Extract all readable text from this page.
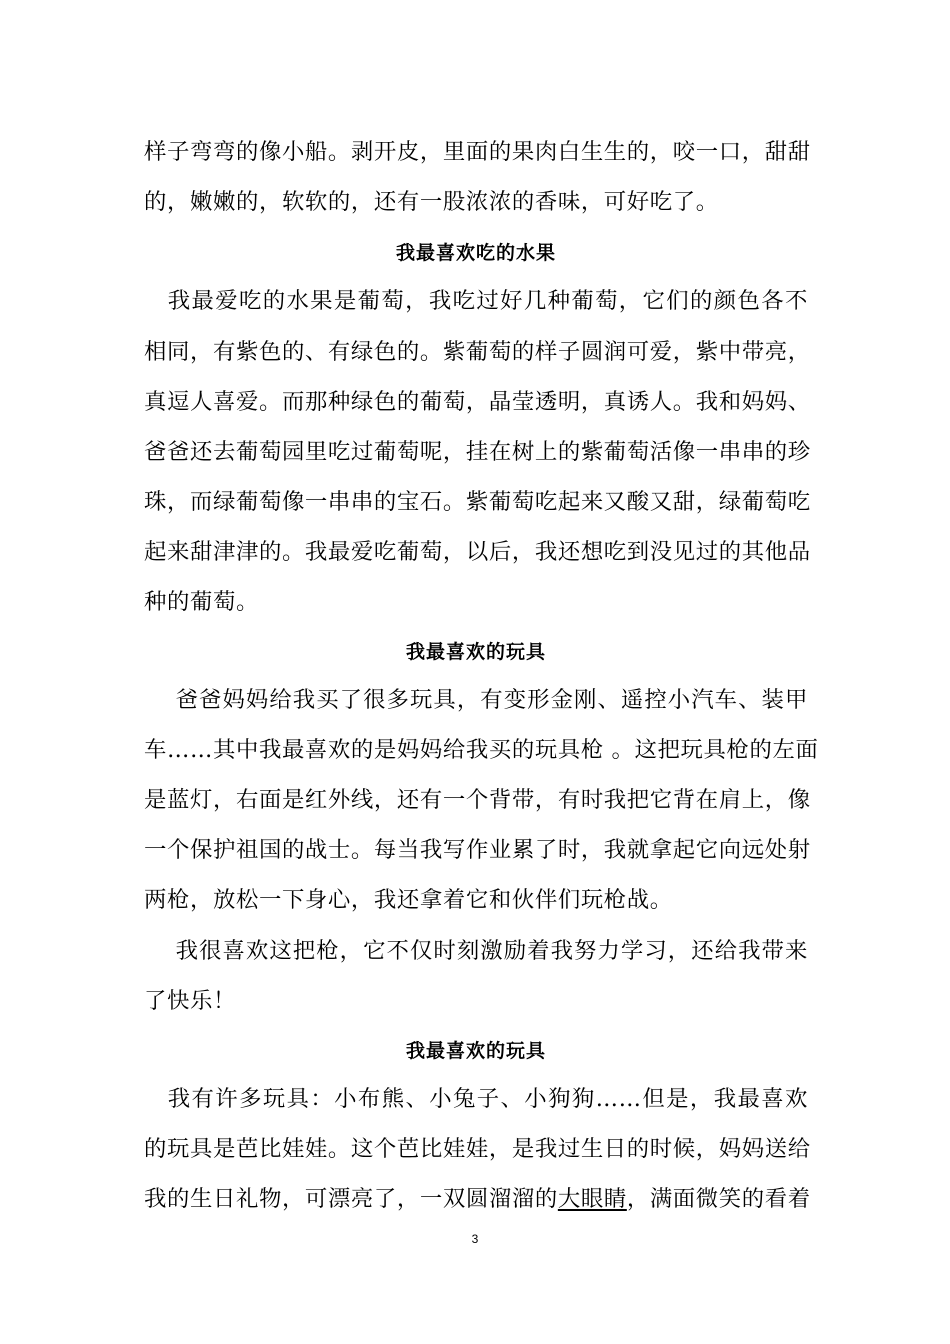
样子弯弯的像小船。剥开皮，里面的果肉白生生的，咬一口，甜甜
的，嫩嫩的，软软的，还有一股浓浓的香味，可好吃了。
我最喜欢吃的水果
　我最爱吃的水果是葡萄，我吃过好几种葡萄，它们的颜色各不
相同，有紫色的、有绿色的。紫葡萄的样子圆润可爱，紫中带亮，
真逗人喜爱。而那种绿色的葡萄，晶莹透明，真诱人。我和妈妈、
爸爸还去葡萄园里吃过葡萄呢，挂在树上的紫葡萄活像一串串的珍
珠，而绿葡萄像一串串的宝石。紫葡萄吃起来又酸又甜，绿葡萄吃
起来甜津津的。我最爱吃葡萄，以后，我还想吃到没见过的其他品
种的葡萄。
我最喜欢的玩具
　 爸爸妈妈给我买了很多玩具，有变形金刚、遥控小汽车、装甲
车……其中我最喜欢的是妈妈给我买的玩具枪 。这把玩具枪的左面
是蓝灯，右面是红外线，还有一个背带，有时我把它背在肩上，像
一个保护祖国的战士。每当我写作业累了时，我就拿起它向远处射
两枪，放松一下身心，我还拿着它和伙伴们玩枪战。
　 我很喜欢这把枪，它不仅时刻激励着我努力学习，还给我带来
了快乐！
我最喜欢的玩具
　我有许多玩具：小布熊、小兔子、小狗狗……但是，我最喜欢
的玩具是芭比娃娃。这个芭比娃娃，是我过生日的时候，妈妈送给
我的生日礼物，可漂亮了，一双圆溜溜的大眼睛，满面微笑的看着
3
